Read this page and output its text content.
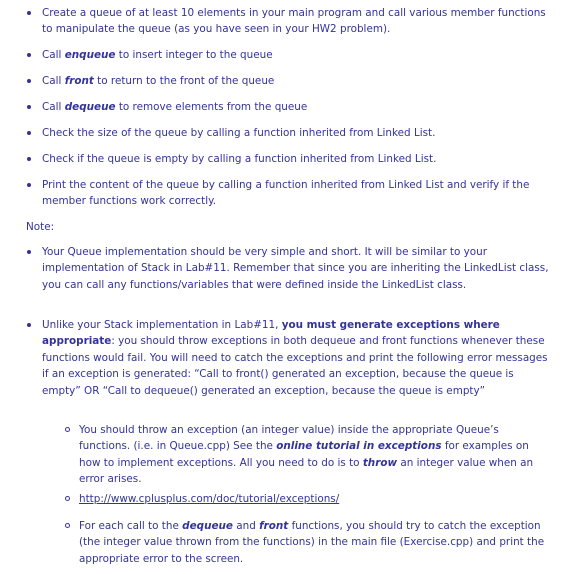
Create a queue of at least 10 elements in your main program and call various member functions to manipulate the queue (as you have seen in your HW2 problem).

Call enqueue to insert integer to the queue

Call front to return to the front of the queue

Call dequeue to remove elements from the queue

Check the size of the queue by calling a function inherited from Linked List.

Check if the queue is empty by calling a function inherited from Linked List.

Print the content of the queue by calling a function inherited from Linked List and verify if the member functions work correctly.

Note:

Your Queue implementation should be very simple and short. It will be similar to your implementation of Stack in Lab#11. Remember that since you are inheriting the LinkedList class, you can call any functions/variables that were defined inside the LinkedList class.

Unlike your Stack implementation in Lab#11, you must generate exceptions where appropriate: you should throw exceptions in both dequeue and front functions whenever these functions would fail. You will need to catch the exceptions and print the following error messages if an exception is generated: “Call to front() generated an exception, because the queue is empty” OR “Call to dequeue() generated an exception, because the queue is empty”

You should throw an exception (an integer value) inside the appropriate Queue’s functions. (i.e. in Queue.cpp) See the online tutorial in exceptions for examples on how to implement exceptions. All you need to do is to throw an integer value when an error arises.

http://www.cplusplus.com/doc/tutorial/exceptions/

For each call to the dequeue and front functions, you should try to catch the exception (the integer value thrown from the functions) in the main file (Exercise.cpp) and print the appropriate error to the screen.
